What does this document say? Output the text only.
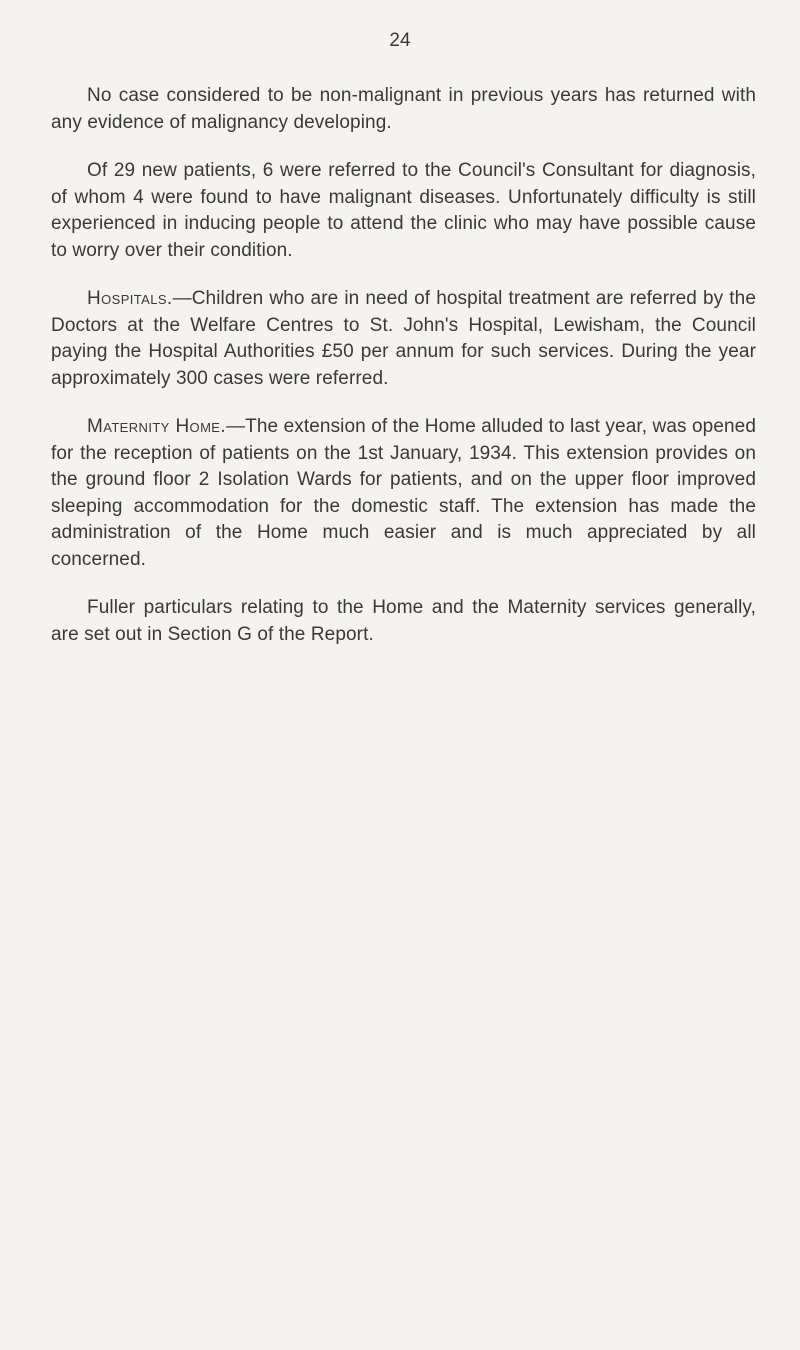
24

No case considered to be non-malignant in previous years has returned with any evidence of malignancy developing.

Of 29 new patients, 6 were referred to the Council's Consultant for diagnosis, of whom 4 were found to have malignant diseases. Unfortunately difficulty is still experienced in inducing people to attend the clinic who may have possible cause to worry over their condition.

Hospitals.—Children who are in need of hospital treatment are referred by the Doctors at the Welfare Centres to St. John's Hospital, Lewisham, the Council paying the Hospital Authorities £50 per annum for such services. During the year approximately 300 cases were referred.

Maternity Home.—The extension of the Home alluded to last year, was opened for the reception of patients on the 1st January, 1934. This extension provides on the ground floor 2 Isolation Wards for patients, and on the upper floor improved sleeping accommodation for the domestic staff. The extension has made the administration of the Home much easier and is much appreciated by all concerned.

Fuller particulars relating to the Home and the Maternity services generally, are set out in Section G of the Report.
